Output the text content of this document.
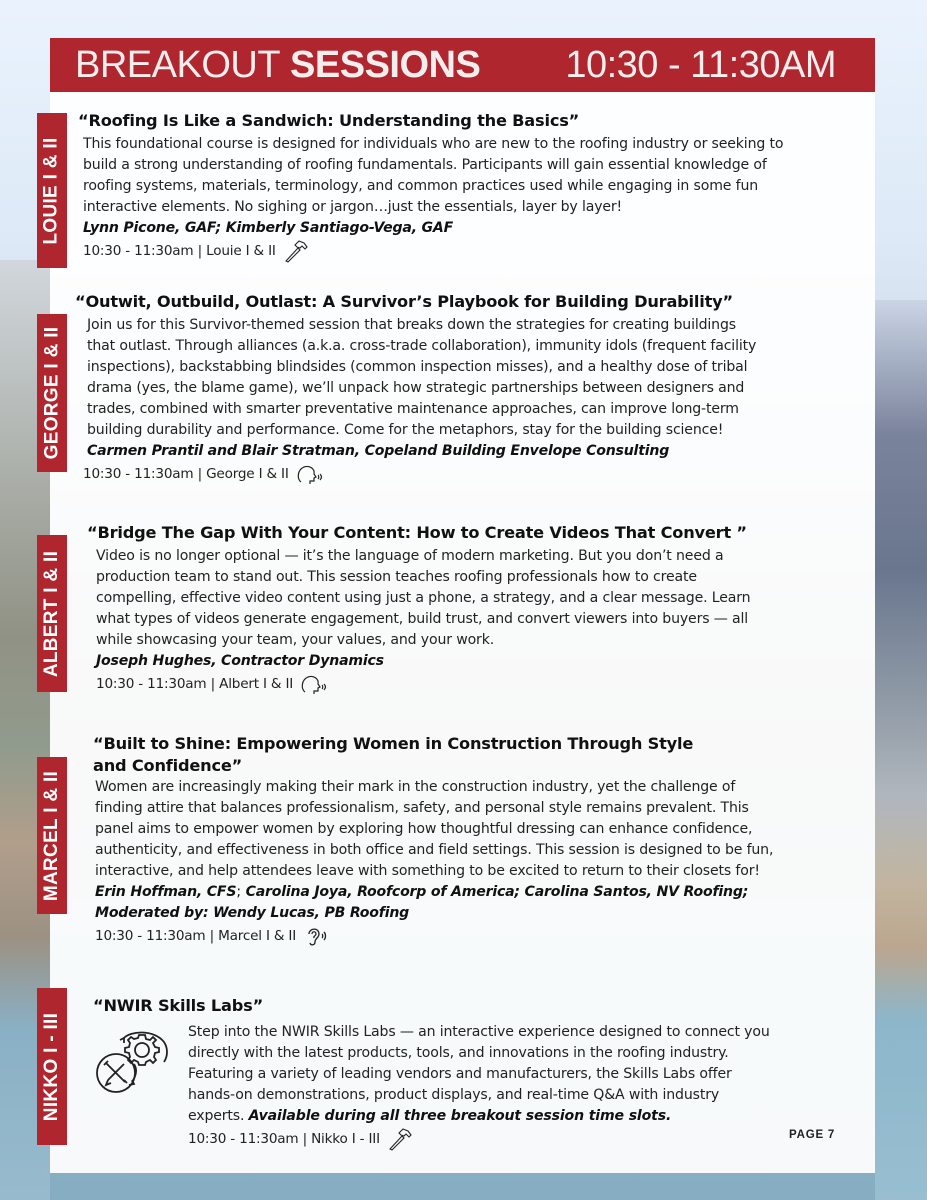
BREAKOUT SESSIONS 10:30 - 11:30AM
LOUIE I & II
GEORGE I & II
ALBERT I & II
MARCEL I & II
NIKKO I - III
“Roofing Is Like a Sandwich: Understanding the Basics”
This foundational course is designed for individuals who are new to the roofing industry or seeking to
build a strong understanding of roofing fundamentals. Participants will gain essential knowledge of
roofing systems, materials, terminology, and common practices used while engaging in some fun
interactive elements. No sighing or jargon…just the essentials, layer by layer!
Lynn Picone, GAF; Kimberly Santiago-Vega, GAF
10:30 - 11:30am | Louie I & II
“Outwit, Outbuild, Outlast: A Survivor’s Playbook for Building Durability”
Join us for this Survivor-themed session that breaks down the strategies for creating buildings
that outlast. Through alliances (a.k.a. cross-trade collaboration), immunity idols (frequent facility
inspections), backstabbing blindsides (common inspection misses), and a healthy dose of tribal
drama (yes, the blame game), we’ll unpack how strategic partnerships between designers and
trades, combined with smarter preventative maintenance approaches, can improve long-term
building durability and performance. Come for the metaphors, stay for the building science!
Carmen Prantil and Blair Stratman, Copeland Building Envelope Consulting
10:30 - 11:30am | George I & II
“Bridge The Gap With Your Content: How to Create Videos That Convert ”
Video is no longer optional — it’s the language of modern marketing. But you don’t need a
production team to stand out. This session teaches roofing professionals how to create
compelling, effective video content using just a phone, a strategy, and a clear message. Learn
what types of videos generate engagement, build trust, and convert viewers into buyers — all
while showcasing your team, your values, and your work.
Joseph Hughes, Contractor Dynamics
10:30 - 11:30am | Albert I & II
“Built to Shine: Empowering Women in Construction Through Style
and Confidence”
Women are increasingly making their mark in the construction industry, yet the challenge of
finding attire that balances professionalism, safety, and personal style remains prevalent. This
panel aims to empower women by exploring how thoughtful dressing can enhance confidence,
authenticity, and effectiveness in both office and field settings. This session is designed to be fun,
interactive, and help attendees leave with something to be excited to return to their closets for!
Erin Hoffman, CFS; Carolina Joya, Roofcorp of America; Carolina Santos, NV Roofing;
Moderated by: Wendy Lucas, PB Roofing
10:30 - 11:30am | Marcel I & II
“NWIR Skills Labs”
Step into the NWIR Skills Labs — an interactive experience designed to connect you
directly with the latest products, tools, and innovations in the roofing industry.
Featuring a variety of leading vendors and manufacturers, the Skills Labs offer
hands-on demonstrations, product displays, and real-time Q&A with industry
experts. Available during all three breakout session time slots.
10:30 - 11:30am | Nikko I - III	PAGE 7
